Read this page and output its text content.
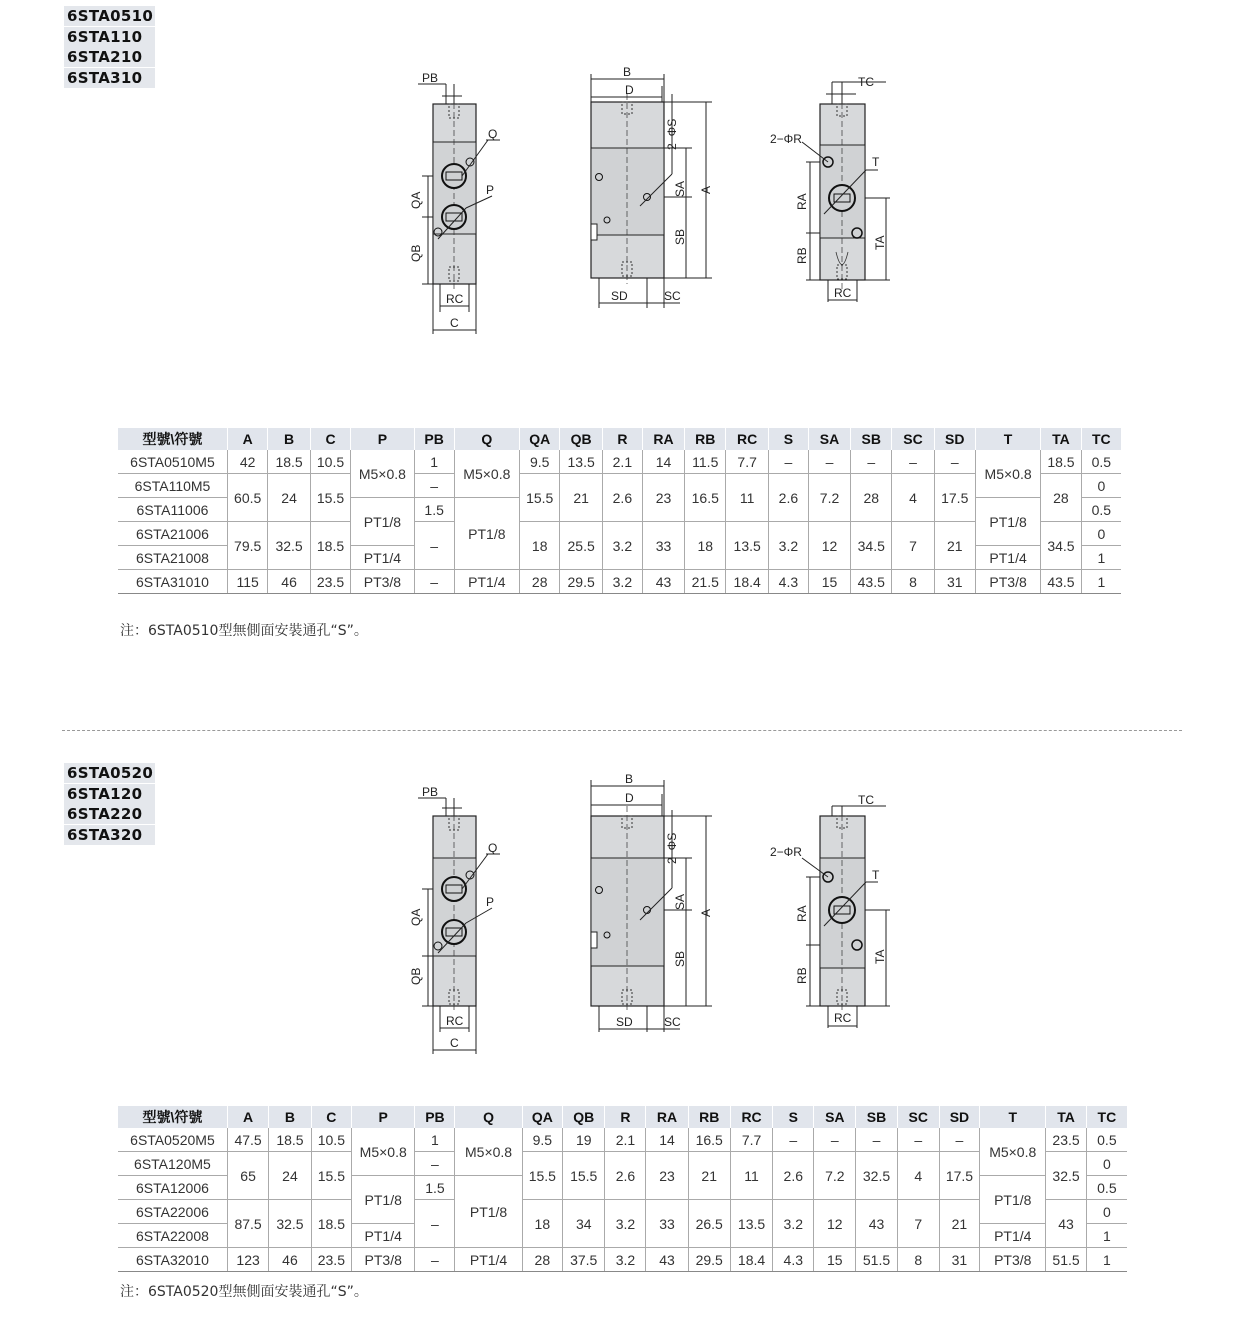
6STA0510
6STA110
6STA210
6STA310	PB
Q
P
QA
QB
RC
C
B
D
2−ΦS
A
SA
SB
SD	SC
TC
2−ΦR
T
RA
RB
TA
RC
型號\符號	A	B	C	P	PB	Q	QA	QB	R	RA	RB	RC	S	SA	SB	SC	SD	T	TA	TC
6STA0510M5	42	18.5	10.5	M5×0.8	1	M5×0.8	9.5	13.5	2.1	14	11.5	7.7	–	–	–	–	–	M5×0.8	18.5	0.5
6STA110M5	60.5	24	15.5		–		15.5	21	2.6	23	16.5	11	2.6	7.2	28	4	17.5		28	0
6STA11006				PT1/8	1.5	PT1/8												PT1/8		0.5
6STA21006	79.5	32.5	18.5		–		18	25.5	3.2	33	18	13.5	3.2	12	34.5	7	21		34.5	0
6STA21008				PT1/4														PT1/4		1
6STA31010	115	46	23.5	PT3/8	–	PT1/4	28	29.5	3.2	43	21.5	18.4	4.3	15	43.5	8	31	PT3/8	43.5	1
注：6STA0510型無側面安裝通孔“S”。
6STA0520
6STA120
6STA220
6STA320
PB
Q
P
QA
QB
RC
C
B
D
2−ΦS
A
SA
SB
SD	SC
TC
2−ΦR
T
RA
RB
TA
RC
型號\符號	A	B	C	P	PB	Q	QA	QB	R	RA	RB	RC	S	SA	SB	SC	SD	T	TA	TC
6STA0520M5	47.5	18.5	10.5	M5×0.8	1	M5×0.8	9.5	19	2.1	14	16.5	7.7	–	–	–	–	–	M5×0.8	23.5	0.5
6STA120M5	65	24	15.5		–		15.5	15.5	2.6	23	21	11	2.6	7.2	32.5	4	17.5		32.5	0
6STA12006				PT1/8	1.5	PT1/8												PT1/8		0.5
6STA22006	87.5	32.5	18.5		–		18	34	3.2	33	26.5	13.5	3.2	12	43	7	21		43	0
6STA22008				PT1/4														PT1/4		1
6STA32010	123	46	23.5	PT3/8	–	PT1/4	28	37.5	3.2	43	29.5	18.4	4.3	15	51.5	8	31	PT3/8	51.5	1
注：6STA0520型無側面安裝通孔“S”。
